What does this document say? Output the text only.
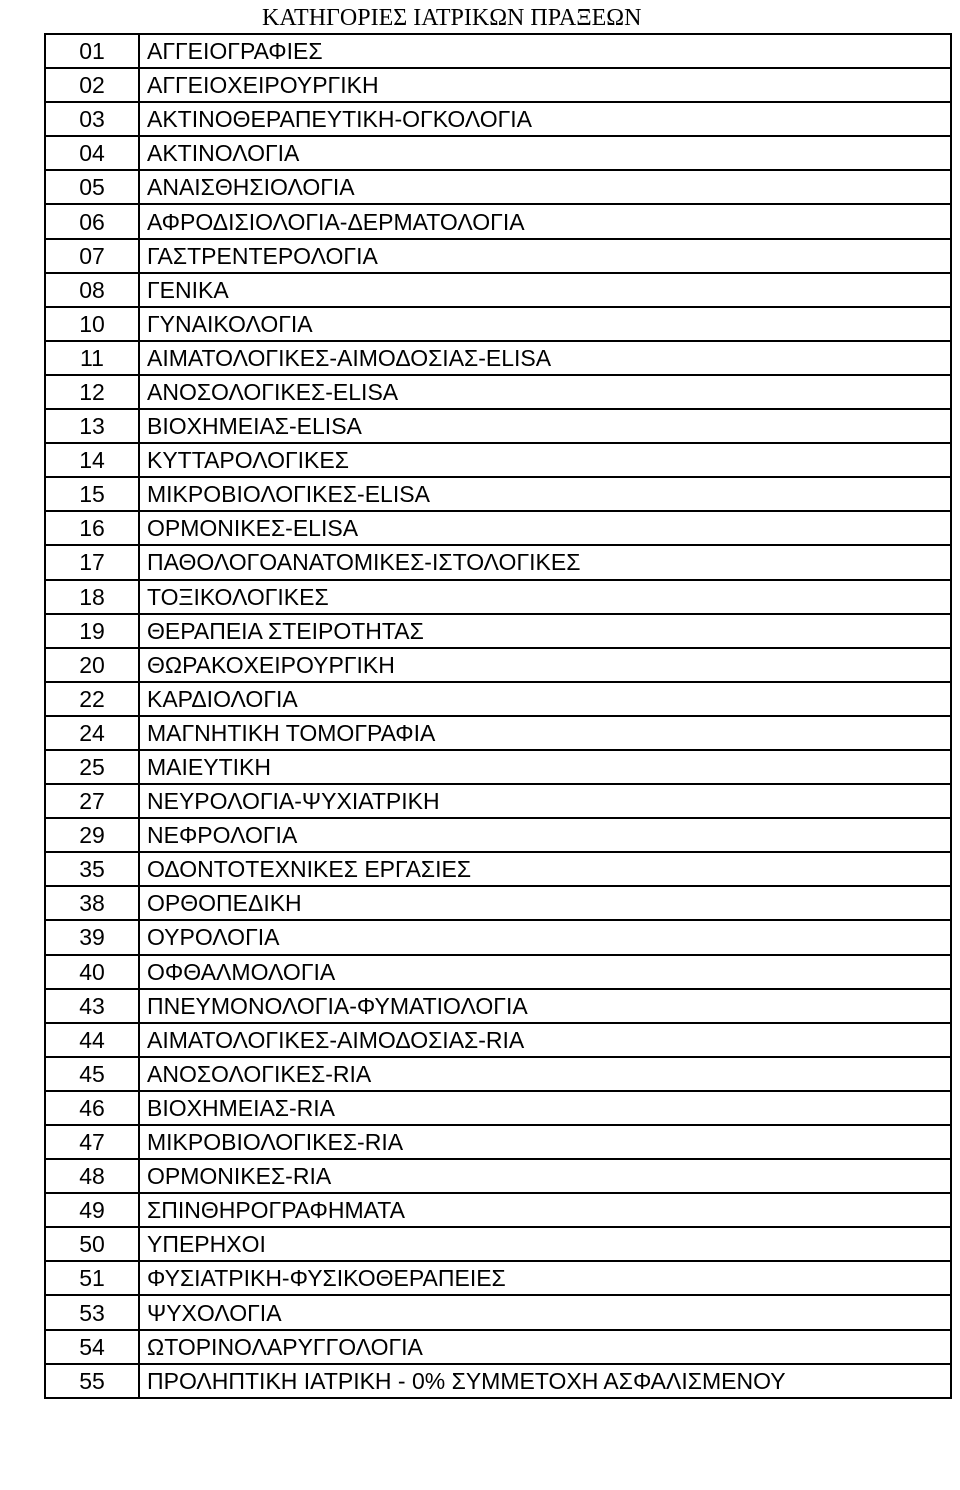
ΚΑΤΗΓΟΡΙΕΣ ΙΑΤΡΙΚΩΝ ΠΡΑΞΕΩΝ
01	ΑΓΓΕΙΟΓΡΑΦΙΕΣ
02	ΑΓΓΕΙΟΧΕΙΡΟΥΡΓΙΚΗ
03	ΑΚΤΙΝΟΘΕΡΑΠΕΥΤΙΚΗ-ΟΓΚΟΛΟΓΙΑ
04	ΑΚΤΙΝΟΛΟΓΙΑ
05	ΑΝΑΙΣΘΗΣΙΟΛΟΓΙΑ
06	ΑΦΡΟΔΙΣΙΟΛΟΓΙΑ-ΔΕΡΜΑΤΟΛΟΓΙΑ
07	ΓΑΣΤΡΕΝΤΕΡΟΛΟΓΙΑ
08	ΓΕΝΙΚΑ
10	ΓΥΝΑΙΚΟΛΟΓΙΑ
11	ΑΙΜΑΤΟΛΟΓΙΚΕΣ-ΑΙΜΟΔΟΣΙΑΣ-ELISA
12	ΑΝΟΣΟΛΟΓΙΚΕΣ-ELISA
13	ΒΙΟΧΗΜΕΙΑΣ-ELISA
14	ΚΥΤΤΑΡΟΛΟΓΙΚΕΣ
15	ΜΙΚΡΟΒΙΟΛΟΓΙΚΕΣ-ELISA
16	ΟΡΜΟΝΙΚΕΣ-ELISA
17	ΠΑΘΟΛΟΓΟΑΝΑΤΟΜΙΚΕΣ-ΙΣΤΟΛΟΓΙΚΕΣ
18	ΤΟΞΙΚΟΛΟΓΙΚΕΣ
19	ΘΕΡΑΠΕΙΑ ΣΤΕΙΡΟΤΗΤΑΣ
20	ΘΩΡΑΚΟΧΕΙΡΟΥΡΓΙΚΗ
22	ΚΑΡΔΙΟΛΟΓΙΑ
24	ΜΑΓΝΗΤΙΚΗ ΤΟΜΟΓΡΑΦΙΑ
25	ΜΑΙΕΥΤΙΚΗ
27	ΝΕΥΡΟΛΟΓΙΑ-ΨΥΧΙΑΤΡΙΚΗ
29	ΝΕΦΡΟΛΟΓΙΑ
35	ΟΔΟΝΤΟΤΕΧΝΙΚΕΣ ΕΡΓΑΣΙΕΣ
38	ΟΡΘΟΠΕΔΙΚΗ
39	ΟΥΡΟΛΟΓΙΑ
40	ΟΦΘΑΛΜΟΛΟΓΙΑ
43	ΠΝΕΥΜΟΝΟΛΟΓΙΑ-ΦΥΜΑΤΙΟΛΟΓΙΑ
44	ΑΙΜΑΤΟΛΟΓΙΚΕΣ-ΑΙΜΟΔΟΣΙΑΣ-RIA
45	ΑΝΟΣΟΛΟΓΙΚΕΣ-RIA
46	ΒΙΟΧΗΜΕΙΑΣ-RIA
47	ΜΙΚΡΟΒΙΟΛΟΓΙΚΕΣ-RIA
48	ΟΡΜΟΝΙΚΕΣ-RIA
49	ΣΠΙΝΘΗΡΟΓΡΑΦΗΜΑΤΑ
50	ΥΠΕΡΗΧΟΙ
51	ΦΥΣΙΑΤΡΙΚΗ-ΦΥΣΙΚΟΘΕΡΑΠΕΙΕΣ
53	ΨΥΧΟΛΟΓΙΑ
54	ΩΤΟΡΙΝΟΛΑΡΥΓΓΟΛΟΓΙΑ
55	ΠΡΟΛΗΠΤΙΚΗ ΙΑΤΡΙΚΗ - 0% ΣΥΜΜΕΤΟΧΗ ΑΣΦΑΛΙΣΜΕΝΟΥ
